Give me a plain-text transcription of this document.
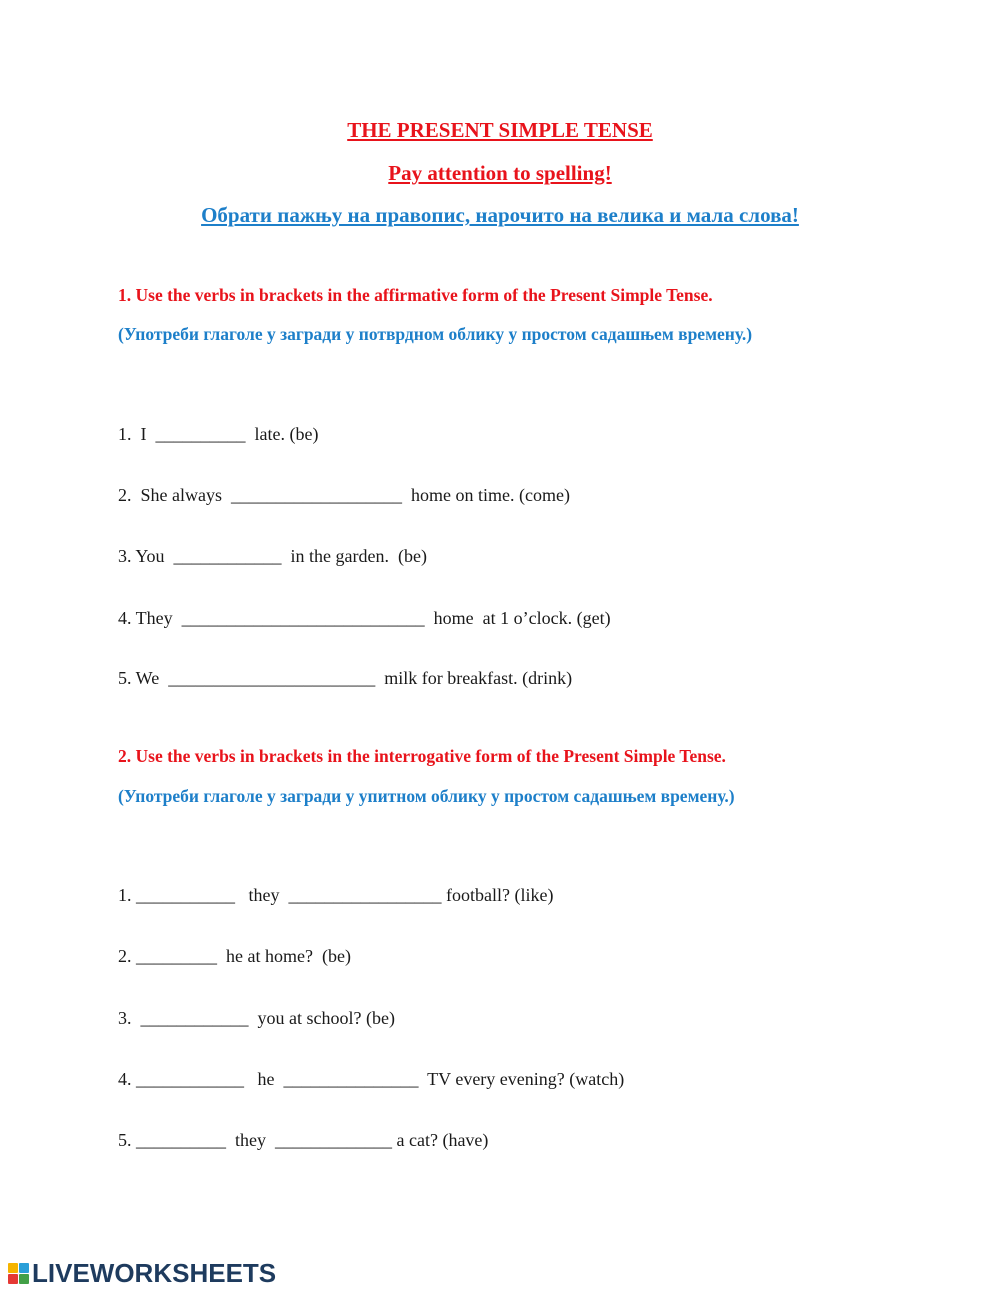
THE PRESENT SIMPLE TENSE
Pay attention to spelling!
Обрати пажњу на правопис, нарочито на велика и мала слова!
1. Use the verbs in brackets in the affirmative form of the Present Simple Tense.
(Употреби глаголе у загради у потврдном облику у простом садашњем времену.)
1.  I  __________  late. (be)
2.  She always  ___________________  home on time. (come)
3. You  ____________  in the garden.  (be)
4. They  ___________________________  home  at 1 o’clock. (get)
5. We  _______________________  milk for breakfast. (drink)
2. Use the verbs in brackets in the interrogative form of the Present Simple Tense.
(Употреби глаголе у загради у упитном облику у простом садашњем времену.)
1. ___________   they  _________________ football? (like)
2. _________  he at home?  (be)
3.  ____________  you at school? (be)
4. ____________   he  _______________  TV every evening? (watch)
5. __________  they  _____________ a cat? (have)
LIVEWORKSHEETS
